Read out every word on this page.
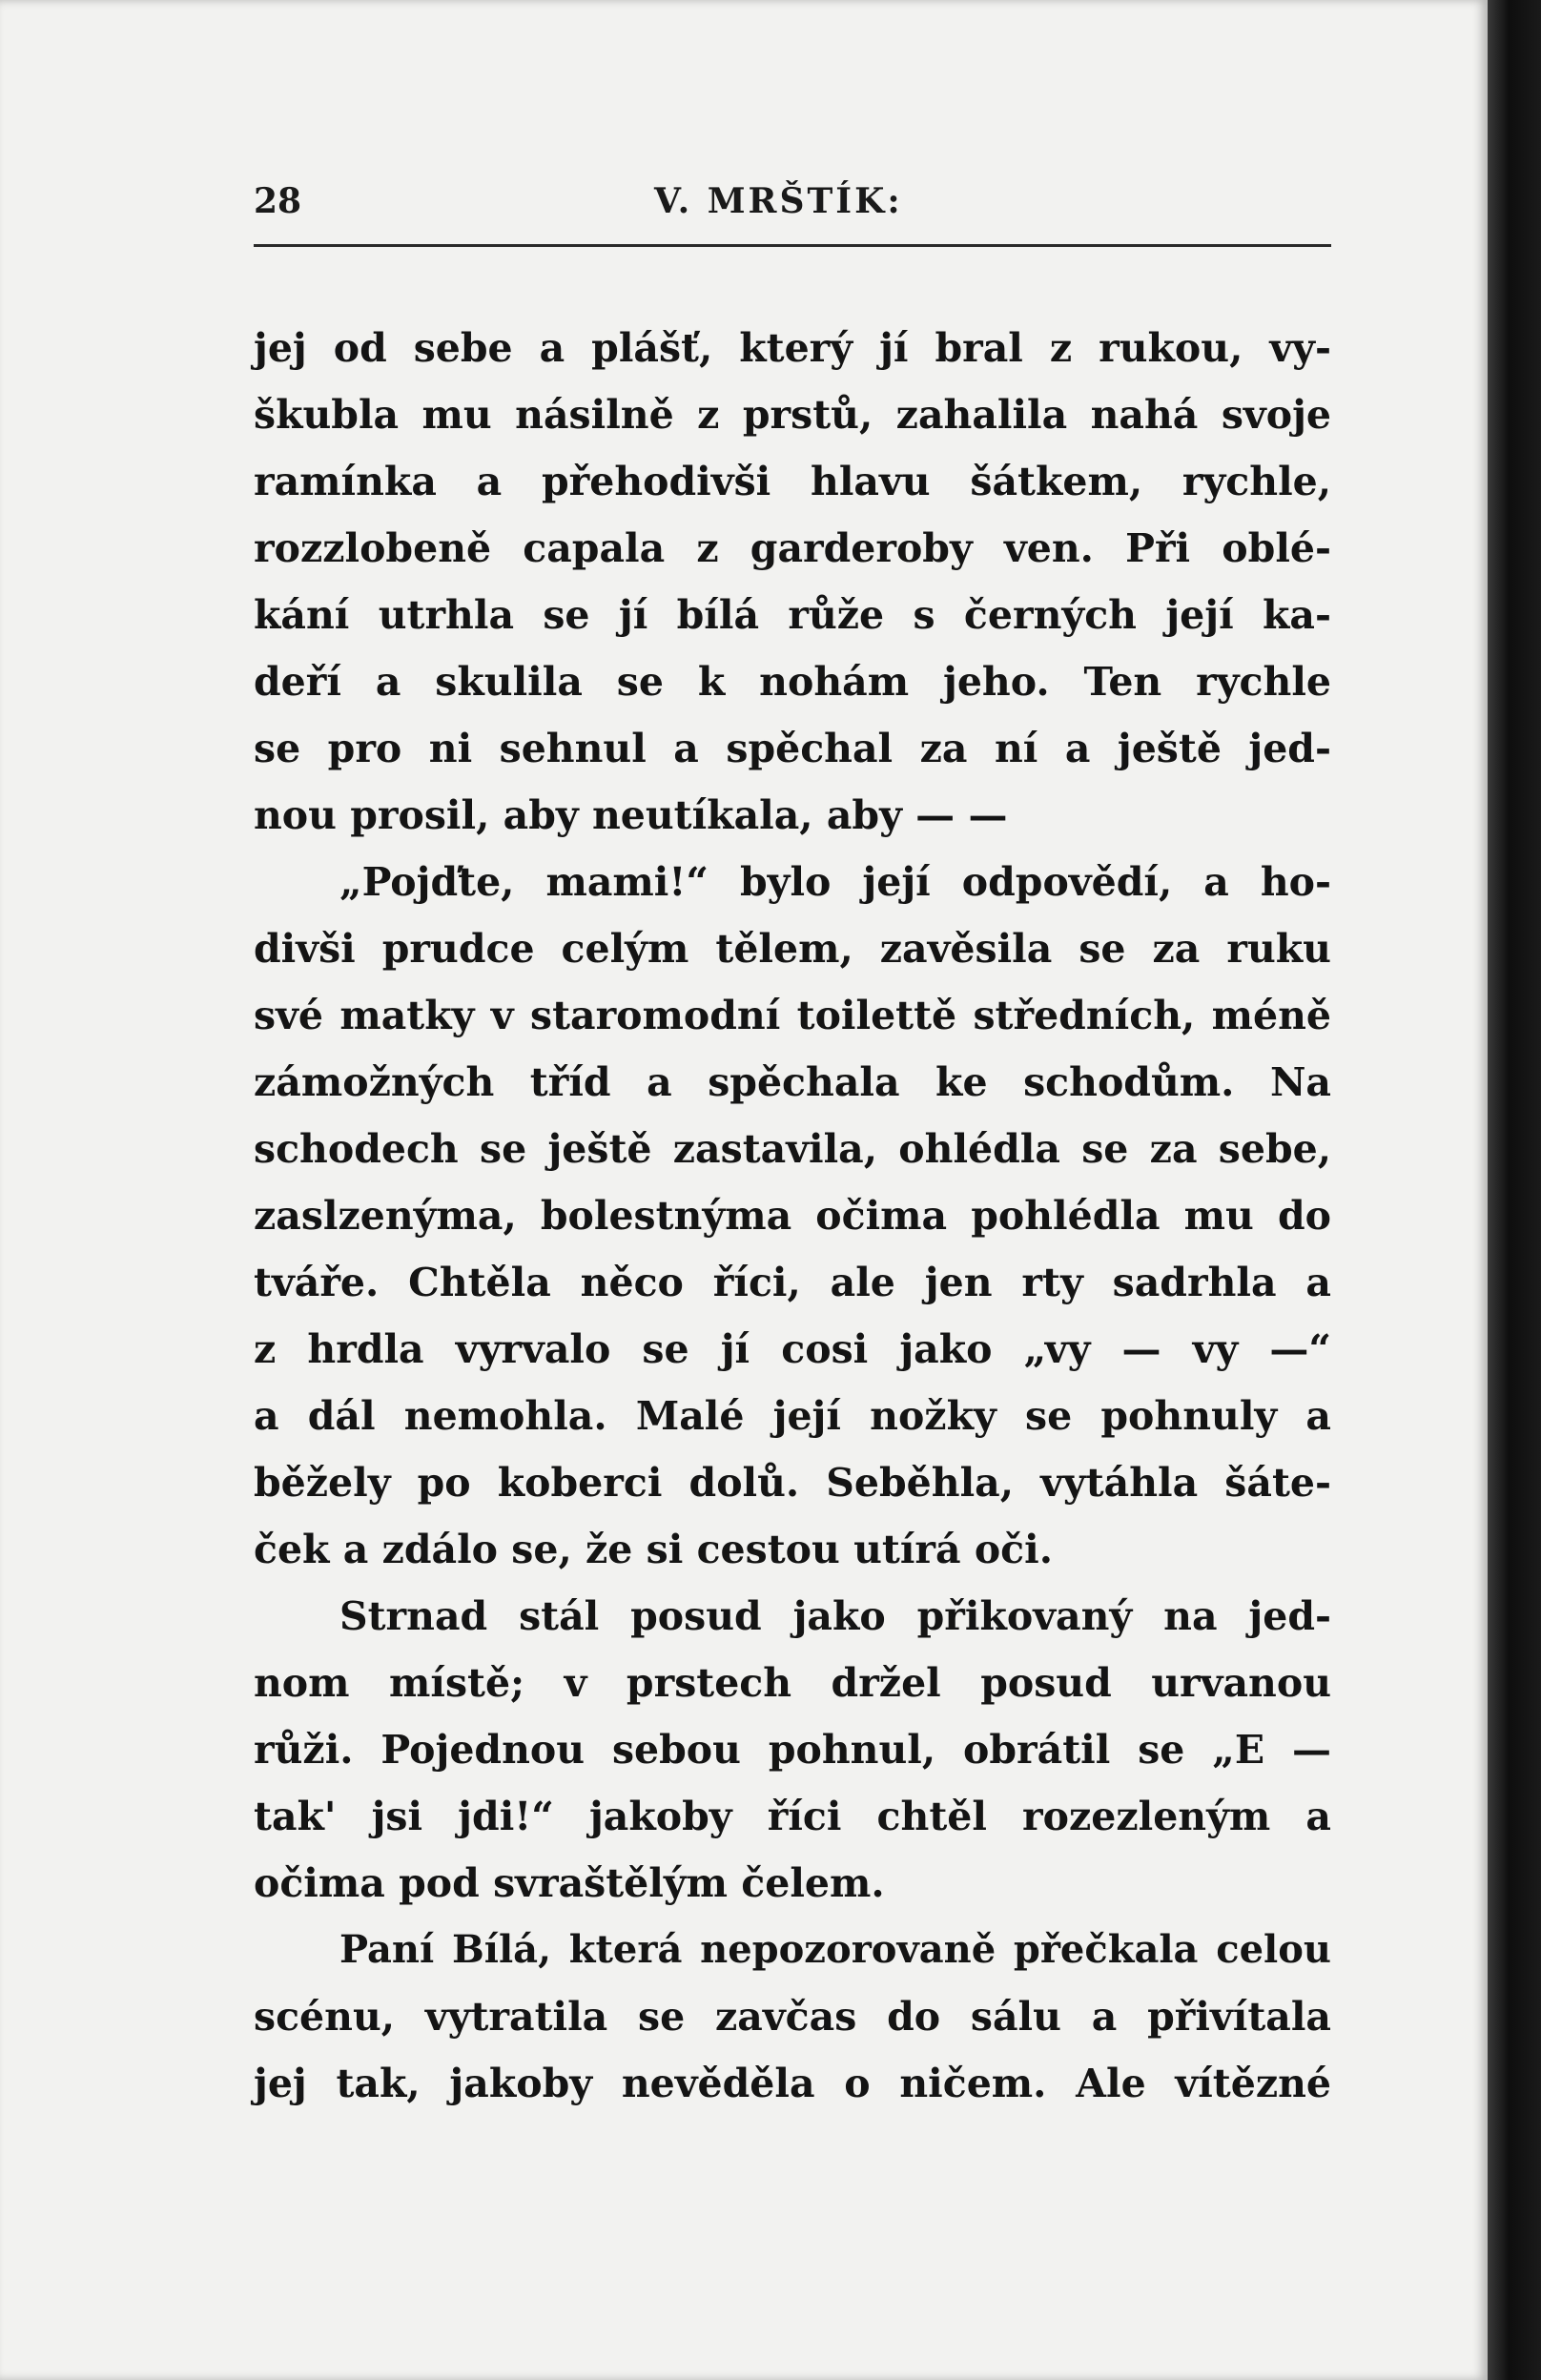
28	V. MRŠTÍK:
jej od sebe a plášť, který jí bral z rukou, vy-
škubla mu násilně z prstů, zahalila nahá svoje
ramínka a přehodivši hlavu šátkem, rychle,
rozzlobeně capala z garderoby ven. Při oblé-
kání utrhla se jí bílá růže s černých její ka-
deří a skulila se k nohám jeho. Ten rychle
se pro ni sehnul a spěchal za ní a ještě jed-
nou prosil, aby neutíkala, aby — —
„Pojďte, mami!“ bylo její odpovědí, a ho-
divši prudce celým tělem, zavěsila se za ruku
své matky v staromodní toilettě středních, méně
zámožných tříd a spěchala ke schodům. Na
schodech se ještě zastavila, ohlédla se za sebe,
zaslzenýma, bolestnýma očima pohlédla mu do
tváře. Chtěla něco říci, ale jen rty sadrhla a
z hrdla vyrvalo se jí cosi jako „vy — vy —“
a dál nemohla. Malé její nožky se pohnuly a
běžely po koberci dolů. Seběhla, vytáhla šáte-
ček a zdálo se, že si cestou utírá oči.
Strnad stál posud jako přikovaný na jed-
nom místě; v prstech držel posud urvanou
růži. Pojednou sebou pohnul, obrátil se „E —
tak' jsi jdi!“ jakoby říci chtěl rozezleným a
očima pod svraštělým čelem.
Paní Bílá, která nepozorovaně přečkala celou
scénu, vytratila se zavčas do sálu a přivítala
jej tak, jakoby nevěděla o ničem. Ale vítězné
